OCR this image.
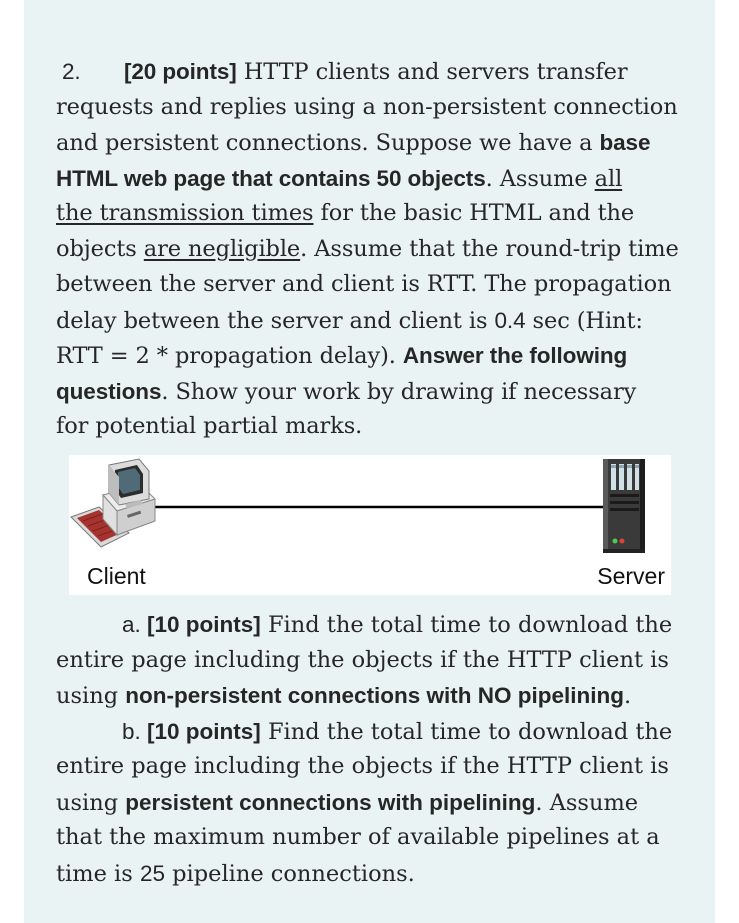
2. [20 points] HTTP clients and servers transfer
requests and replies using a non-persistent connection
and persistent connections. Suppose we have a base
HTML web page that contains 50 objects. Assume all
the transmission times for the basic HTML and the
objects are negligible. Assume that the round-trip time
between the server and client is RTT. The propagation
delay between the server and client is 0.4 sec (Hint:
RTT = 2 * propagation delay). Answer the following
questions. Show your work by drawing if necessary
for potential partial marks.
Client	Server
a. [10 points] Find the total time to download the
entire page including the objects if the HTTP client is
using non-persistent connections with NO pipelining.
b. [10 points] Find the total time to download the
entire page including the objects if the HTTP client is
using persistent connections with pipelining. Assume
that the maximum number of available pipelines at a
time is 25 pipeline connections.
